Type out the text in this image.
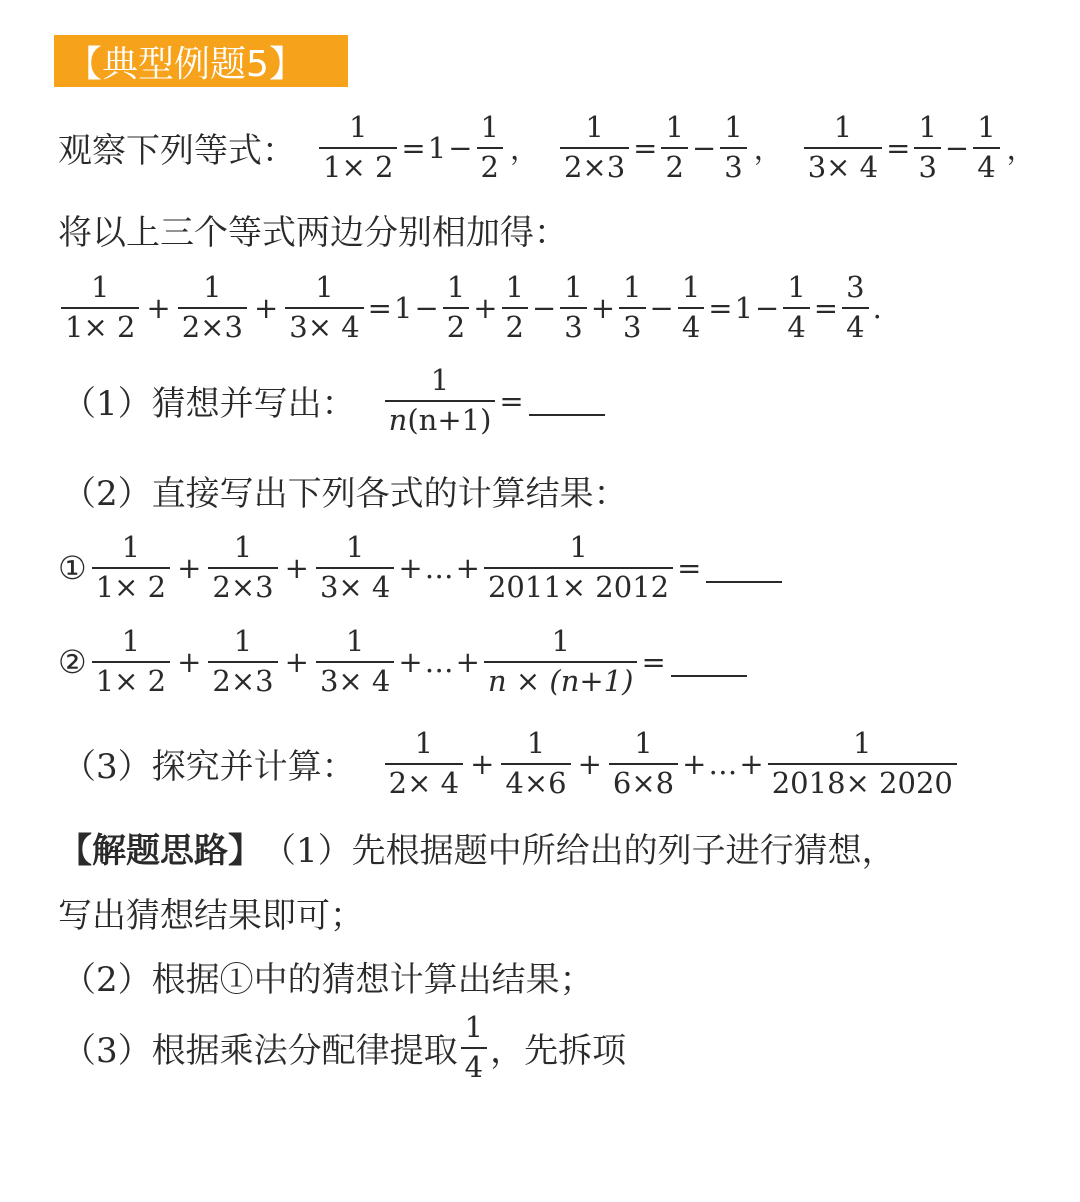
【典型例题5】
观察下列等式： $\frac{1}{1\times 2} = 1 - \frac{1}{2}$ ， $\frac{1}{2\times 3} = \frac{1}{2} - \frac{1}{3}$ ， $\frac{1}{3\times 4} = \frac{1}{3} - \frac{1}{4}$ ，
将以上三个等式两边分别相加得：
$\frac{1}{1\times 2} + \frac{1}{2\times 3} + \frac{1}{3\times 4} = 1 - \frac{1}{2} + \frac{1}{2} - \frac{1}{3} + \frac{1}{3} - \frac{1}{4} = 1 - \frac{1}{4} = \frac{3}{4}$ .
（1）猜想并写出： $\frac{1}{n(n+1)}$ =
（2）直接写出下列各式的计算结果：
① $\frac{1}{1\times 2} + \frac{1}{2\times 3} + \frac{1}{3\times 4}$ + … + $\frac{1}{2011\times 2012}$ =
② $\frac{1}{1\times 2} + \frac{1}{2\times 3} + \frac{1}{3\times 4}$ + … + $\frac{1}{n \times (n+1)}$ =
（3）探究并计算： $\frac{1}{2\times 4} + \frac{1}{4\times 6} + \frac{1}{6\times 8}$ + … + $\frac{1}{2018\times 2020}$
【解题思路】 （1）先根据题中所给出的列子进行猜想，
写出猜想结果即可；
（2）根据①中的猜想计算出结果；
（3）根据乘法分配律提取 $\frac{1}{4}$ ，先拆项
